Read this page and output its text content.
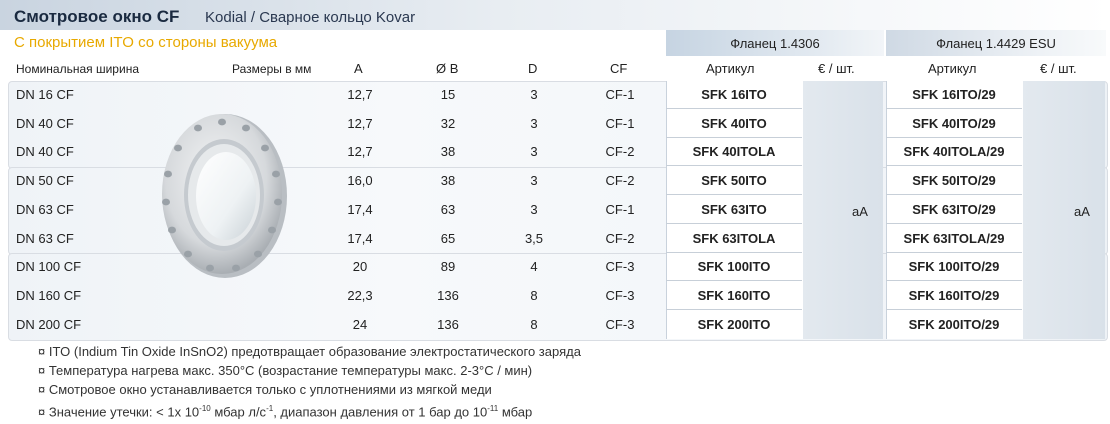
Смотровое окно CF Kodial / Сварное кольцо Kovar
С покрытием ITO со стороны вакуума	Фланец 1.4306	Фланец 1.4429 ESU
Номинальная ширина	Размеры в мм	A	Ø B	D	CF	Артикул	€ / шт.	Артикул	€ / шт.
DN 16 CF	12,7	15	3	CF-1	SFK 16ITO	SFK 16ITO/29
DN 40 CF	12,7	32	3	CF-1	SFK 40ITO	SFK 40ITO/29
DN 40 CF	12,7	38	3	CF-2	SFK 40ITOLA	SFK 40ITOLA/29
DN 50 CF	16,0	38	3	CF-2	SFK 50ITO	SFK 50ITO/29
DN 63 CF	17,4	63	3	CF-1	SFK 63ITO	SFK 63ITO/29
DN 63 CF	17,4	65	3,5	CF-2	SFK 63ITOLA	SFK 63ITOLA/29
DN 100 CF	20	89	4	CF-3	SFK 100ITO	SFK 100ITO/29
DN 160 CF	22,3	136	8	CF-3	SFK 160ITO	SFK 160ITO/29
DN 200 CF	24	136	8	CF-3	SFK 200ITO	SFK 200ITO/29
aA	aA
¤ ITO (Indium Tin Oxide InSnO2) предотвращает образование электростатического заряда
¤ Температура нагрева макс. 350°C (возрастание температуры макс. 2-3°C / мин)
¤ Смотровое окно устанавливается только с уплотнениями из мягкой меди
¤ Значение утечки: < 1x $10^{-10}$ мбар $л/с^{-1}$, диапазон давления от 1 бар до $10^{-11}$ мбар
